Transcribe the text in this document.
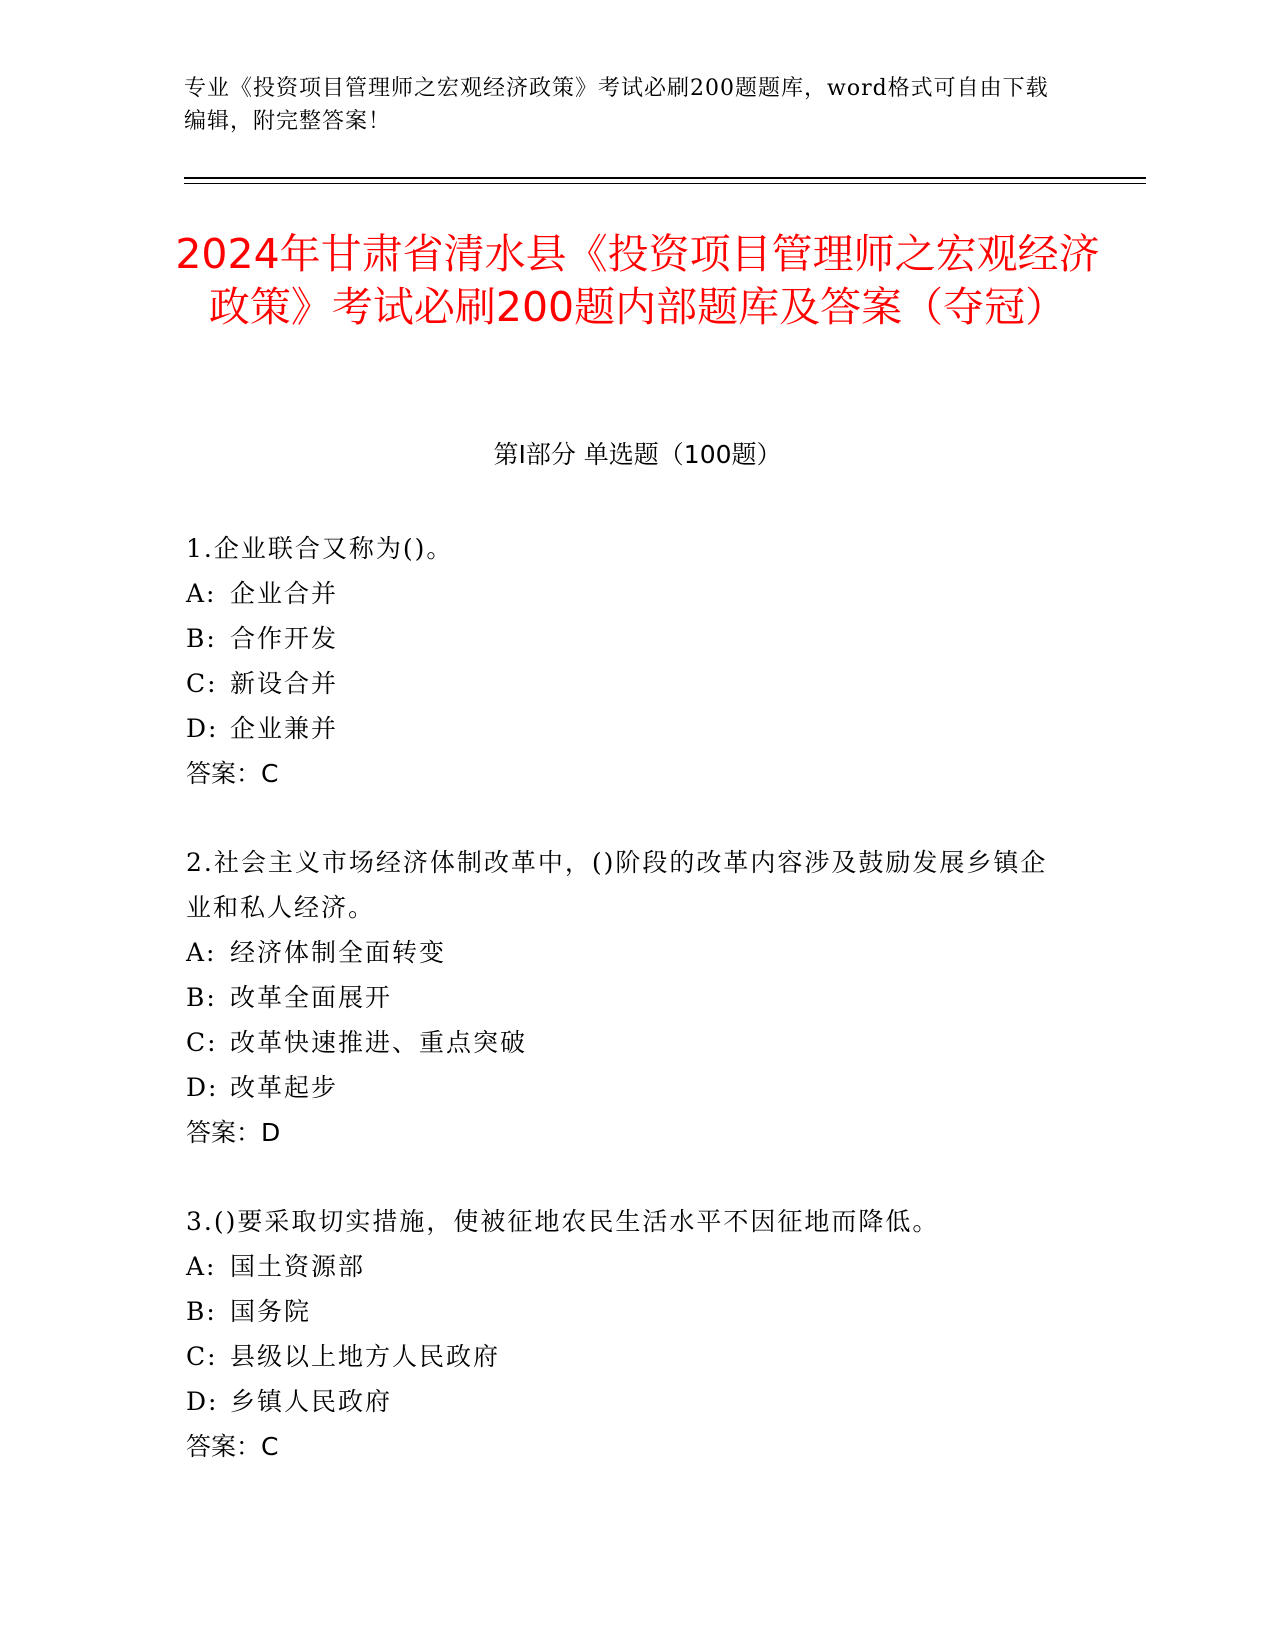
专业《投资项目管理师之宏观经济政策》考试必刷200题题库，word格式可自由下载编辑，附完整答案！
2024年甘肃省清水县《投资项目管理师之宏观经济政策》考试必刷200题内部题库及答案（夺冠）
第I部分 单选题（100题）
1.企业联合又称为()。
A: 企业合并
B: 合作开发
C: 新设合并
D: 企业兼并
答案：C
2.社会主义市场经济体制改革中，()阶段的改革内容涉及鼓励发展乡镇企业和私人经济。
A: 经济体制全面转变
B: 改革全面展开
C: 改革快速推进、重点突破
D: 改革起步
答案：D
3.()要采取切实措施，使被征地农民生活水平不因征地而降低。
A: 国土资源部
B: 国务院
C: 县级以上地方人民政府
D: 乡镇人民政府
答案：C
